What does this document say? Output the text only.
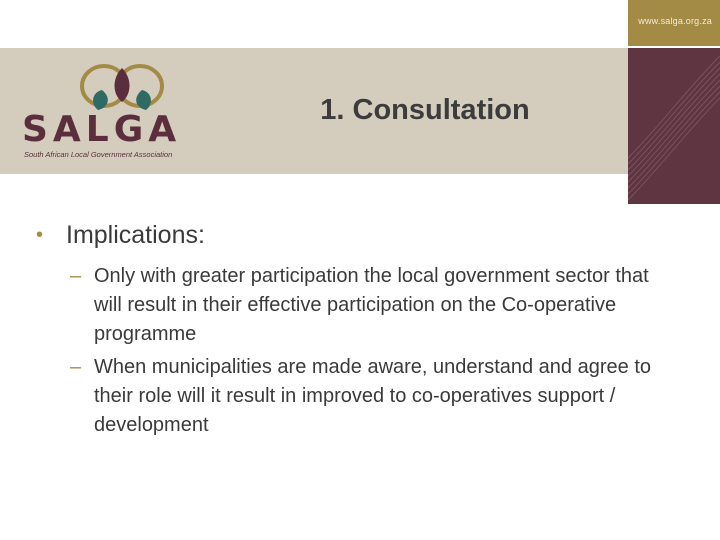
www.salga.org.za
SALGA
South African Local Government Association
1. Consultation
• Implications:
– Only with greater participation the local government sector that will result in their effective participation on the Co-operative programme
– When municipalities are made aware, understand and agree to their role will it result in improved to co-operatives support / development
